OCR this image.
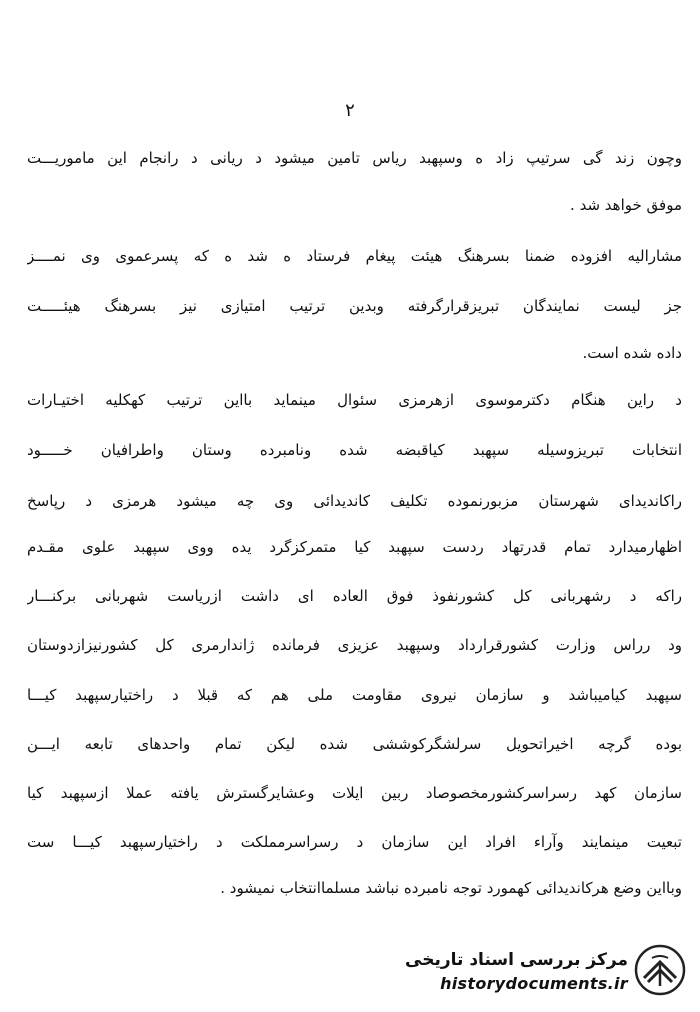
۲
وچون زند گی سرتیپ زاد ه وسپهبد ریاس تامین میشود د ریانی د رانجام این ماموریـــت
موفق خواهد شد .
مشارالیه افزوده ضمنا بسرهنگ هیئت پیغام فرستاد ه شد ه که پسرعموی وی نمــــز
جز لیست نمایندگان تبریزقرارگرفته وبدین ترتیب امتیازی نیز بسرهنگ هیئـــــت
داده شده است.
د راین هنگام دکترموسوی ازهرمزی سئوال مینماید بااین ترتیب کهکلیه اختیـارات
انتخابات تبریزوسیله سپهبد کیاقبضه شده ونامبرده وستان واطرافیان خـــــود
راکاندیدای شهرستان مزبورنموده تکلیف کاندیدائی وی چه میشود هرمزی د رپاسخ
اظهارمیدارد تمام قدرتهاد ردست سپهبد کیا متمرکزگرد یده ووی سپهبد علوی مقـدم
راکه د رشهربانی کل کشورنفوذ فوق العاده ای داشت ازریاست شهربانی برکنـــار
ود رراس وزارت کشورقرارداد وسپهبد عزیزی فرمانده ژاندارمری کل کشورنیزازدوستان
سپهبد کیامیباشد و سازمان نیروی مقاومت ملی هم که قبلا د راختیارسپهبد کیـــا
بوده گرچه اخیراتحویل سرلشگرکوششی شده لیکن تمام واحدهای تابعه ایـــن
سازمان کهد رسراسرکشورمخصوصاد ربین ایلات وعشایرگسترش یافته عملا ازسپهبد کیا
تبعیت مینمایند وآراء افراد این سازمان د رسراسرمملکت د راختیارسپهبد کیـــا ست
وبااین وضع هرکاندیدائی کهمورد توجه نامبرده نباشد مسلماانتخاب نمیشود .
مرکز بررسی اسناد تاریخی
historydocuments.ir
